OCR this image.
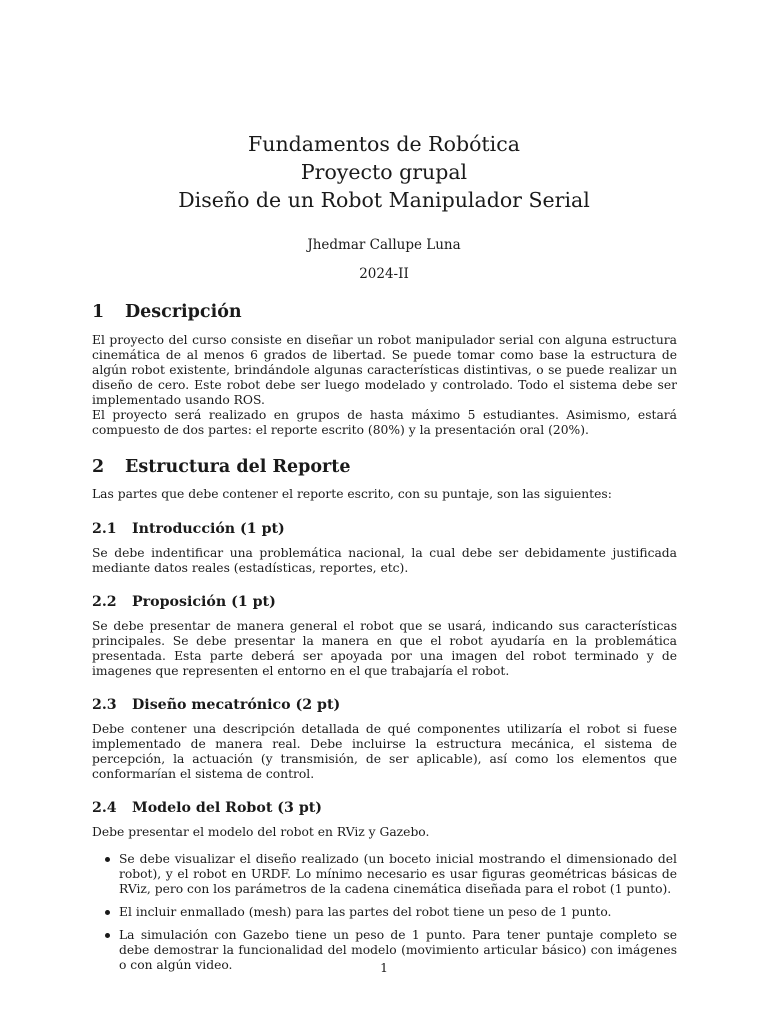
Fundamentos de Robótica
Proyecto grupal
Diseño de un Robot Manipulador Serial
Jhedmar Callupe Luna
2024-II
1 Descripción

El proyecto del curso consiste en diseñar un robot manipulador serial con alguna estructura cinemática de al menos 6 grados de libertad. Se puede tomar como base la estructura de algún robot existente, brindándole algunas características distintivas, o se puede realizar un diseño de cero. Este robot debe ser luego modelado y controlado. Todo el sistema debe ser implementado usando ROS.

El proyecto será realizado en grupos de hasta máximo 5 estudiantes. Asimismo, estará compuesto de dos partes: el reporte escrito (80%) y la presentación oral (20%).

2 Estructura del Reporte

Las partes que debe contener el reporte escrito, con su puntaje, son las siguientes:

2.1 Introducción (1 pt)

Se debe indentificar una problemática nacional, la cual debe ser debidamente justificada mediante datos reales (estadísticas, reportes, etc).

2.2 Proposición (1 pt)

Se debe presentar de manera general el robot que se usará, indicando sus características principales. Se debe presentar la manera en que el robot ayudaría en la problemática presentada. Esta parte deberá ser apoyada por una imagen del robot terminado y de imagenes que representen el entorno en el que trabajaría el robot.

2.3 Diseño mecatrónico (2 pt)

Debe contener una descripción detallada de qué componentes utilizaría el robot si fuese implementado de manera real. Debe incluirse la estructura mecánica, el sistema de percepción, la actuación (y transmisión, de ser aplicable), así como los elementos que conformarían el sistema de control.

2.4 Modelo del Robot (3 pt)

Debe presentar el modelo del robot en RViz y Gazebo.

Se debe visualizar el diseño realizado (un boceto inicial mostrando el dimensionado del robot), y el robot en URDF. Lo mínimo necesario es usar figuras geométricas básicas de RViz, pero con los parámetros de la cadena cinemática diseñada para el robot (1 punto).
El incluir enmallado (mesh) para las partes del robot tiene un peso de 1 punto.
La simulación con Gazebo tiene un peso de 1 punto. Para tener puntaje completo se debe demostrar la funcionalidad del modelo (movimiento articular básico) con imágenes o con algún video.	1
